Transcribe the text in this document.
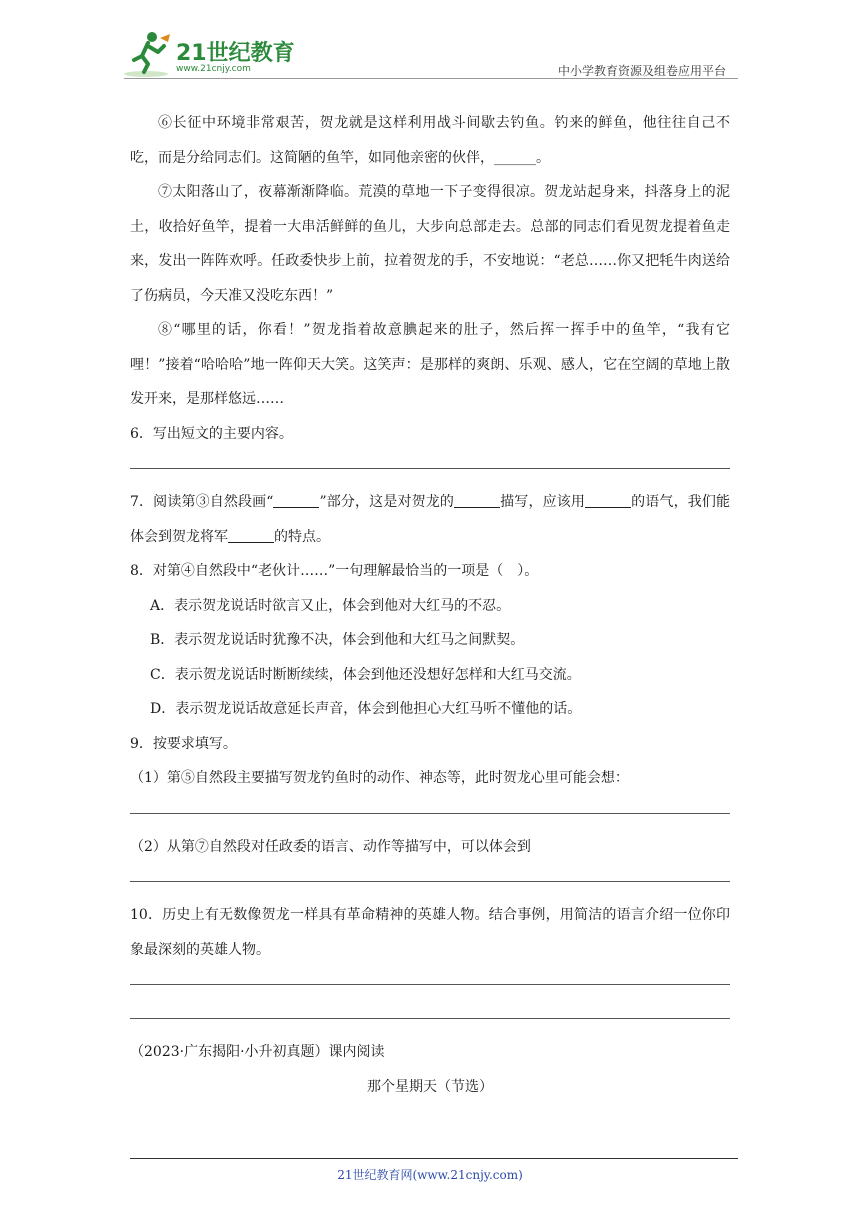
21世纪教育
www.21cnjy.com	中小学教育资源及组卷应用平台

⑥长征中环境非常艰苦，贺龙就是这样利用战斗间歇去钓鱼。钓来的鲜鱼，他往往自己不吃，而是分给同志们。这简陋的鱼竿，如同他亲密的伙伴，______。

⑦太阳落山了，夜幕渐渐降临。荒漠的草地一下子变得很凉。贺龙站起身来，抖落身上的泥土，收拾好鱼竿，提着一大串活鲜鲜的鱼儿，大步向总部走去。总部的同志们看见贺龙提着鱼走来，发出一阵阵欢呼。任政委快步上前，拉着贺龙的手，不安地说：“老总……你又把牦牛肉送给了伤病员，今天准又没吃东西！”

⑧“哪里的话，你看！”贺龙指着故意腆起来的肚子，然后挥一挥手中的鱼竿，“我有它哩！”接着“哈哈哈”地一阵仰天大笑。这笑声：是那样的爽朗、乐观、感人，它在空阔的草地上散发开来，是那样悠远……

6．写出短文的主要内容。

7．阅读第③自然段画“	”部分，这是对贺龙的	描写，应该用	的语气，我们能体会到贺龙将军	的特点。

8．对第④自然段中“老伙计……”一句理解最恰当的一项是（　）。

A．表示贺龙说话时欲言又止，体会到他对大红马的不忍。

B．表示贺龙说话时犹豫不决，体会到他和大红马之间默契。

C．表示贺龙说话时断断续续，体会到他还没想好怎样和大红马交流。

D．表示贺龙说话故意延长声音，体会到他担心大红马听不懂他的话。

9．按要求填写。

（1）第⑤自然段主要描写贺龙钓鱼时的动作、神态等，此时贺龙心里可能会想：

（2）从第⑦自然段对任政委的语言、动作等描写中，可以体会到

10．历史上有无数像贺龙一样具有革命精神的英雄人物。结合事例，用简洁的语言介绍一位你印象最深刻的英雄人物。

（2023·广东揭阳·小升初真题）课内阅读

那个星期天（节选）

21世纪教育网(www.21cnjy.com)
